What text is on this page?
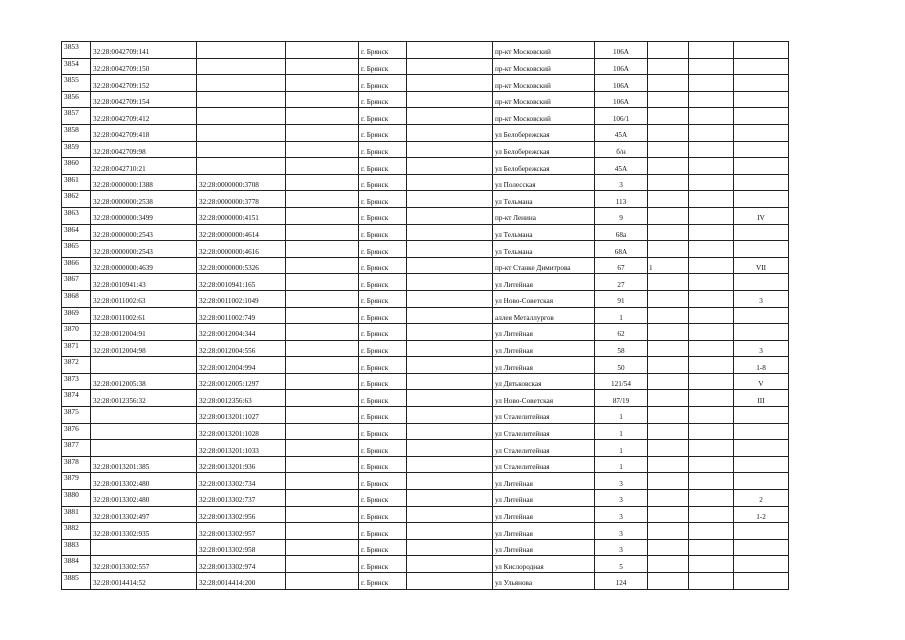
3853	32:28:0042709:141			г. Брянск		пр-кт Московский	106А			
3854	32:28:0042709:150			г. Брянск		пр-кт Московский	106А			
3855	32:28:0042709:152			г. Брянск		пр-кт Московский	106А			
3856	32:28:0042709:154			г. Брянск		пр-кт Московский	106А			
3857	32:28:0042709:412			г. Брянск		пр-кт Московский	106/1			
3858	32:28:0042709:418			г. Брянск		ул Белобережская	45А			
3859	32:28:0042709:98			г. Брянск		ул Белобережская	б/н			
3860	32:28:0042710:21			г. Брянск		ул Белобережская	45А			
3861	32:28:0000000:1388	32:28:0000000:3708		г. Брянск		ул Полесская	3			
3862	32:28:0000000:2538	32:28:0000000:3778		г. Брянск		ул Тельмана	113			
3863	32:28:0000000:3499	32:28:0000000:4151		г. Брянск		пр-кт Ленина	9			IV
3864	32:28:0000000:2543	32:28:0000000:4614		г. Брянск		ул Тельмана	68а			
3865	32:28:0000000:2543	32:28:0000000:4616		г. Брянск		ул Тельмана	68А			
3866	32:28:0000000:4639	32:28:0000000:5326		г. Брянск		пр-кт Станке Димитрова	67	1		VII
3867	32:28:0010941:43	32:28:0010941:165		г. Брянск		ул Литейная	27			
3868	32:28:0011002:63	32:28:0011002:1049		г. Брянск		ул Ново-Советская	91			3
3869	32:28:0011002:61	32:28:0011002:749		г. Брянск		аллея Металлургов	1			
3870	32:28:0012004:91	32:28:0012004:344		г. Брянск		ул Литейная	62			
3871	32:28:0012004:98	32:28:0012004:556		г. Брянск		ул Литейная	58			3
3872		32:28:0012004:994		г. Брянск		ул Литейная	50			1-8
3873	32:28:0012005:38	32:28:0012005:1297		г. Брянск		ул Дятьковская	121/54			V
3874	32:28:0012356:32	32:28:0012356:63		г. Брянск		ул Ново-Советская	87/19			III
3875		32:28:0013201:1027		г. Брянск		ул Сталелитейная	1			
3876		32:28:0013201:1028		г. Брянск		ул Сталелитейная	1			
3877		32:28:0013201:1033		г. Брянск		ул Сталелитейная	1			
3878	32:28:0013201:385	32:28:0013201:936		г. Брянск		ул Сталелитейная	1			
3879	32:28:0013302:480	32:28:0013302:734		г. Брянск		ул Литейная	3			
3880	32:28:0013302:480	32:28:0013302:737		г. Брянск		ул Литейная	3			2
3881	32:28:0013302:497	32:28:0013302:956		г. Брянск		ул Литейная	3			1-2
3882	32:28:0013302:935	32:28:0013302:957		г. Брянск		ул Литейная	3			
3883		32:28:0013302:958		г. Брянск		ул Литейная	3			
3884	32:28:0013302:557	32:28:0013302:974		г. Брянск		ул Кислородная	5			
3885	32:28:0014414:52	32:28:0014414:200		г. Брянск		ул Ульянова	124			
